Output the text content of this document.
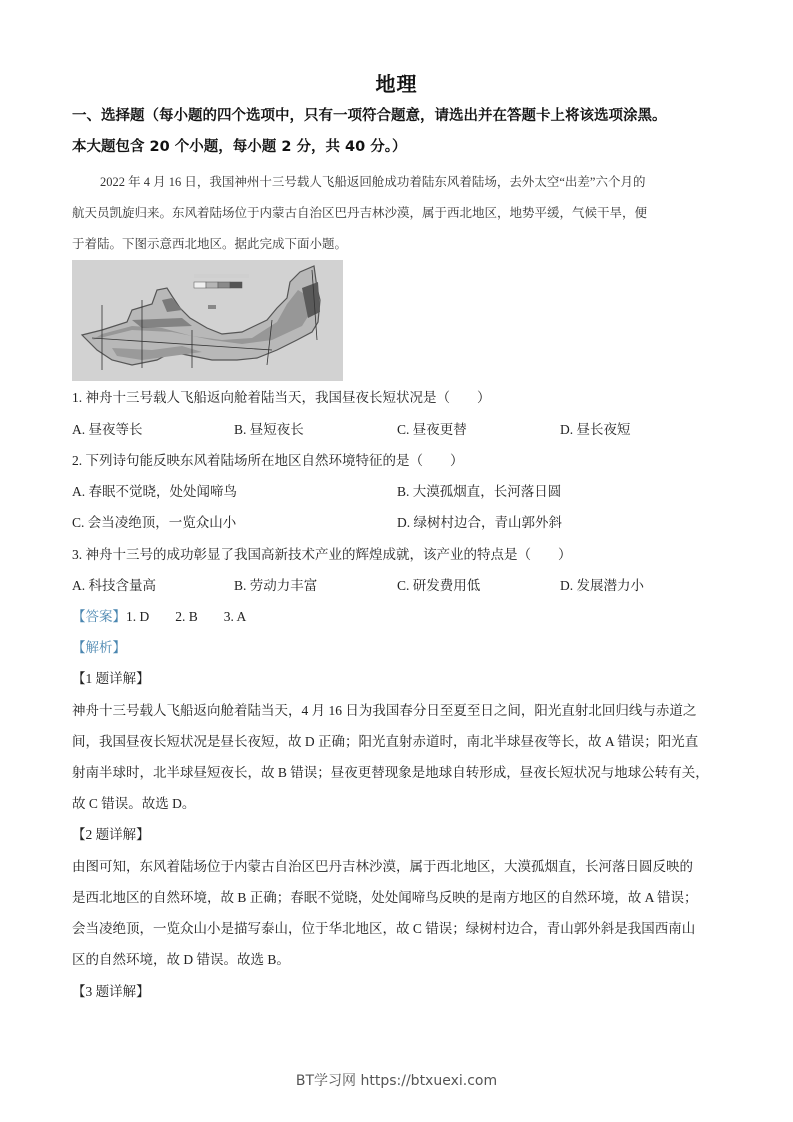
地理
一、选择题（每小题的四个选项中，只有一项符合题意，请选出并在答题卡上将该选项涂黑。
本大题包含 20 个小题，每小题 2 分，共 40 分。）
2022 年 4 月 16 日，我国神州十三号载人飞船返回舱成功着陆东风着陆场，去外太空“出差”六个月的
航天员凯旋归来。东风着陆场位于内蒙古自治区巴丹吉林沙漠，属于西北地区，地势平缓，气候干旱，便
于着陆。下图示意西北地区。据此完成下面小题。
1. 神舟十三号载人飞船返向舱着陆当天，我国昼夜长短状况是（　　）
A. 昼夜等长	B. 昼短夜长	C. 昼夜更替	D. 昼长夜短
2. 下列诗句能反映东风着陆场所在地区自然环境特征的是（　　）
A. 春眠不觉晓，处处闻啼鸟	B. 大漠孤烟直，长河落日圆
C. 会当凌绝顶，一览众山小	D. 绿树村边合，青山郭外斜
3. 神舟十三号的成功彰显了我国高新技术产业的辉煌成就，该产业的特点是（　　）
A. 科技含量高	B. 劳动力丰富	C. 研发费用低	D. 发展潜力小
【答案】1. D 2. B 3. A
【解析】
【1 题详解】
神舟十三号载人飞船返向舱着陆当天，4 月 16 日为我国春分日至夏至日之间，阳光直射北回归线与赤道之
间，我国昼夜长短状况是昼长夜短，故 D 正确；阳光直射赤道时，南北半球昼夜等长，故 A 错误；阳光直
射南半球时，北半球昼短夜长，故 B 错误；昼夜更替现象是地球自转形成，昼夜长短状况与地球公转有关，
故 C 错误。故选 D。
【2 题详解】
由图可知，东风着陆场位于内蒙古自治区巴丹吉林沙漠，属于西北地区，大漠孤烟直，长河落日圆反映的
是西北地区的自然环境，故 B 正确；春眠不觉晓，处处闻啼鸟反映的是南方地区的自然环境，故 A 错误；
会当凌绝顶，一览众山小是描写泰山，位于华北地区，故 C 错误；绿树村边合，青山郭外斜是我国西南山
区的自然环境，故 D 错误。故选 B。
【3 题详解】
BT学习网 https://btxuexi.com
